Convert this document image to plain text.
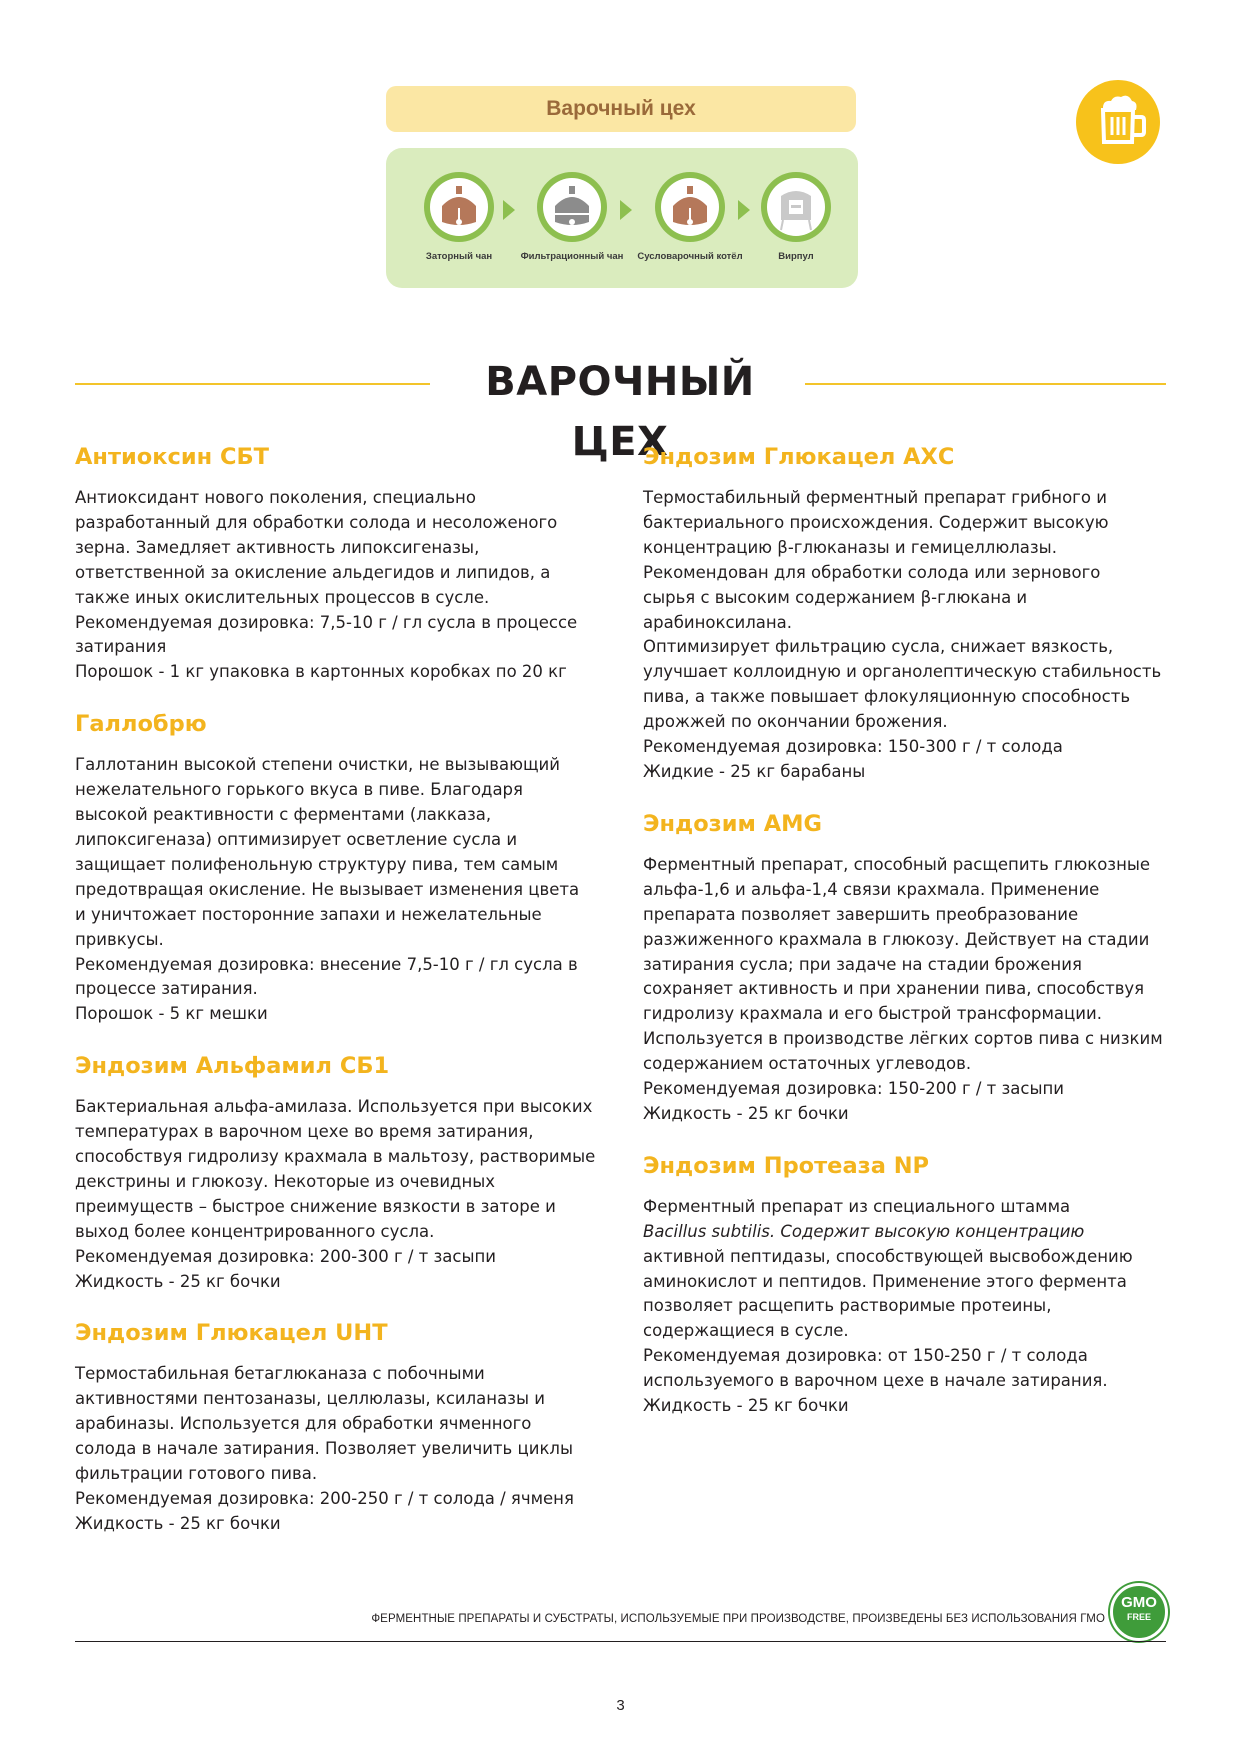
Варочный цех
Заторный чан	Фильтрационный чан	Сусловарочный котёл	Вирпул
ВАРОЧНЫЙ ЦЕХ
Антиоксин СБТ

Антиоксидант нового поколения, специально

разработанный для обработки солода и несоложеного

зерна. Замедляет активность липоксигеназы,

ответственной за окисление альдегидов и липидов, а

также иных окислительных процессов в сусле.

Рекомендуемая дозировка: 7,5-10 г / гл сусла в процессе

затирания

Порошок - 1 кг упаковка в картонных коробках по 20 кг

Галлобрю

Галлотанин высокой степени очистки, не вызывающий

нежелательного горького вкуса в пиве. Благодаря

высокой реактивности с ферментами (лакказа,

липоксигеназа) оптимизирует осветление сусла и

защищает полифенольную структуру пива, тем самым

предотвращая окисление. Не вызывает изменения цвета

и уничтожает посторонние запахи и нежелательные

привкусы.

Рекомендуемая дозировка: внесение 7,5-10 г / гл сусла в

процессе затирания.

Порошок - 5 кг мешки

Эндозим Альфамил СБ1

Бактериальная альфа-амилаза. Используется при высоких

температурах в варочном цехе во время затирания,

способствуя гидролизу крахмала в мальтозу, растворимые

декстрины и глюкозу. Некоторые из очевидных

преимуществ – быстрое снижение вязкости в заторе и

выход более концентрированного сусла.

Рекомендуемая дозировка: 200-300 г / т засыпи

Жидкость - 25 кг бочки

Эндозим Глюкацел UHT

Термостабильная бетаглюканаза с побочными

активностями пентозаназы, целлюлазы, ксиланазы и

арабиназы. Используется для обработки ячменного

солода в начале затирания. Позволяет увеличить циклы

фильтрации готового пива.

Рекомендуемая дозировка: 200-250 г / т солода / ячменя

Жидкость - 25 кг бочки

Эндозим Глюкацел АХС

Термостабильный ферментный препарат грибного и

бактериального происхождения. Содержит высокую

концентрацию β-глюканазы и гемицеллюлазы.

Рекомендован для обработки солода или зернового

сырья с высоким содержанием β-глюкана и

арабиноксилана.

Оптимизирует фильтрацию сусла, снижает вязкость,

улучшает коллоидную и органолептическую стабильность

пива, а также повышает флокуляционную способность

дрожжей по окончании брожения.

Рекомендуемая дозировка: 150-300 г / т солода

Жидкие - 25 кг барабаны

Эндозим AMG

Ферментный препарат, способный расщепить глюкозные

альфа-1,6 и альфа-1,4 связи крахмала. Применение

препарата позволяет завершить преобразование

разжиженного крахмала в глюкозу. Действует на стадии

затирания сусла; при задаче на стадии брожения

сохраняет активность и при хранении пива, способствуя

гидролизу крахмала и его быстрой трансформации.

Используется в производстве лёгких сортов пива с низким

содержанием остаточных углеводов.

Рекомендуемая дозировка: 150-200 г / т засыпи

Жидкость - 25 кг бочки

Эндозим Протеаза NP

Ферментный препарат из специального штамма

Bacillus subtilis. Содержит высокую концентрацию

активной пептидазы, способствующей высвобождению

аминокислот и пептидов. Применение этого фермента

позволяет расщепить растворимые протеины,

содержащиеся в сусле.

Рекомендуемая дозировка: от 150-250 г / т солода

используемого в варочном цехе в начале затирания.

Жидкость - 25 кг бочки

ФЕРМЕНТНЫЕ ПРЕПАРАТЫ И СУБСТРАТЫ, ИСПОЛЬЗУЕМЫЕ ПРИ ПРОИЗВОДСТВЕ, ПРОИЗВЕДЕНЫ БЕЗ ИСПОЛЬЗОВАНИЯ ГМО
GMO
FREE
3
